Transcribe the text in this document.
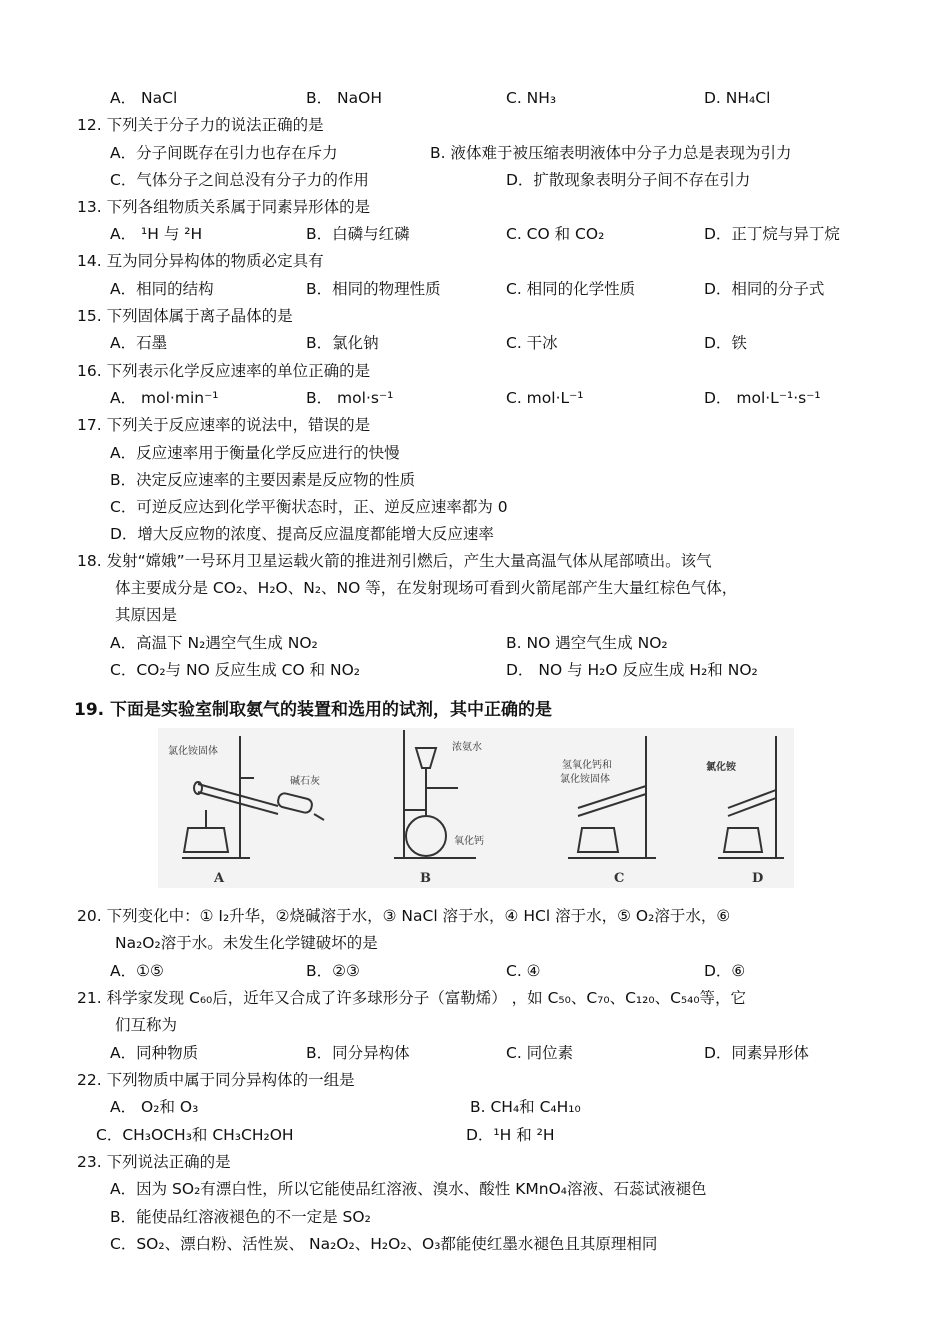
A． NaCl	B． NaOH	C. NH₃	D. NH₄Cl
12. 下列关于分子力的说法正确的是
A．分子间既存在引力也存在斥力	B. 液体难于被压缩表明液体中分子力总是表现为引力
C．气体分子之间总没有分子力的作用	D．扩散现象表明分子间不存在引力
13. 下列各组物质关系属于同素异形体的是
A． ¹H 与 ²H	B．白磷与红磷	C. CO 和 CO₂	D．正丁烷与异丁烷
14. 互为同分异构体的物质必定具有
A．相同的结构	B．相同的物理性质	C. 相同的化学性质	D．相同的分子式
15. 下列固体属于离子晶体的是
A．石墨	B．氯化钠	C. 干冰	D．铁
16. 下列表示化学反应速率的单位正确的是
A． mol·min⁻¹	B． mol·s⁻¹	C. mol·L⁻¹	D． mol·L⁻¹·s⁻¹
17. 下列关于反应速率的说法中，错误的是
A．反应速率用于衡量化学反应进行的快慢
B．决定反应速率的主要因素是反应物的性质
C．可逆反应达到化学平衡状态时，正、逆反应速率都为 0
D．增大反应物的浓度、提高反应温度都能增大反应速率
18. 发射“嫦娥”一号环月卫星运载火箭的推进剂引燃后，产生大量高温气体从尾部喷出。该气
体主要成分是 CO₂、H₂O、N₂、NO 等，在发射现场可看到火箭尾部产生大量红棕色气体，
其原因是
A．高温下 N₂遇空气生成 NO₂	B. NO 遇空气生成 NO₂
C．CO₂与 NO 反应生成 CO 和 NO₂	D． NO 与 H₂O 反应生成 H₂和 NO₂
20. 下列变化中：① I₂升华，②烧碱溶于水，③ NaCl 溶于水，④ HCl 溶于水，⑤ O₂溶于水，⑥
Na₂O₂溶于水。未发生化学键破坏的是
A．①⑤	B．②③	C. ④	D．⑥
21. 科学家发现 C₆₀后，近年又合成了许多球形分子（富勒烯） ，如 C₅₀、C₇₀、C₁₂₀、C₅₄₀等，它
们互称为
A．同种物质	B．同分异构体	C. 同位素	D．同素异形体
22. 下列物质中属于同分异构体的一组是
A． O₂和 O₃	B. CH₄和 C₄H₁₀
C．CH₃OCH₃和 CH₃CH₂OH	D．¹H 和 ²H
23. 下列说法正确的是
A．因为 SO₂有漂白性，所以它能使品红溶液、溴水、酸性 KMnO₄溶液、石蕊试液褪色
B．能使品红溶液褪色的不一定是 SO₂
C．SO₂、漂白粉、活性炭、 Na₂O₂、H₂O₂、O₃都能使红墨水褪色且其原理相同
19. 下面是实验室制取氨气的装置和选用的试剂，其中正确的是
氯化铵固体
碱石灰
浓氨水
氧化钙
氢氧化钙和
氯化铵固体
氯化铵
A	B	C	D
